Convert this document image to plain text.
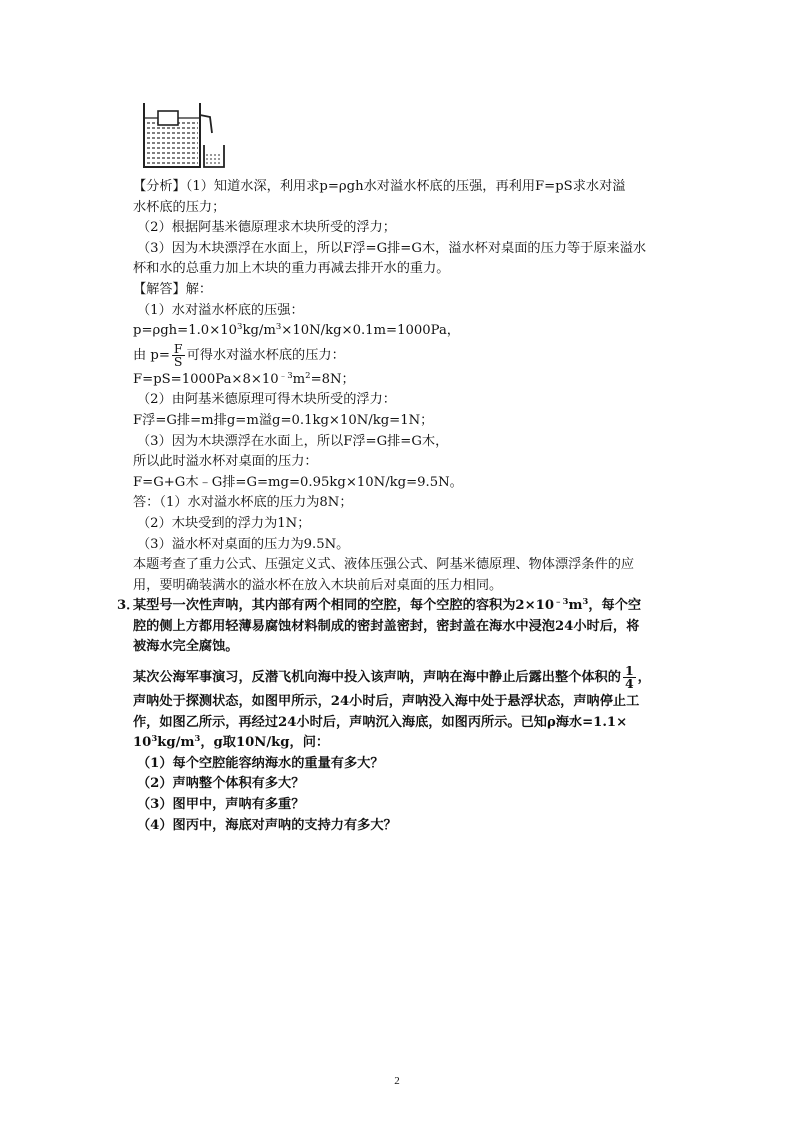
【分析】（1）知道水深，利用求p=ρgh水对溢水杯底的压强，再利用F=pS求水对溢
水杯底的压力；
（2）根据阿基米德原理求木块所受的浮力；
（3）因为木块漂浮在水面上，所以F浮=G排=G木，溢水杯对桌面的压力等于原来溢水
杯和水的总重力加上木块的重力再减去排开水的重力。
【解答】解：
（1）水对溢水杯底的压强：
$p=\rho gh=1.0\times 10^3kg/m^3\times 10N/kg\times 0.1m=1000Pa$，
由 $p= \frac{F}{S}$ 可得水对溢水杯底的压力：
$F=pS=1000Pa\times 8\times 10^{﹣3}m^2=8N$；
（2）由阿基米德原理可得木块所受的浮力：
F浮=G排=m排g=m溢g=0.1kg×10N/kg=1N；
（3）因为木块漂浮在水面上，所以F浮=G排=G木，
所以此时溢水杯对桌面的压力：
F=G+G木﹣G排=G=mg=0.95kg×10N/kg=9.5N。
答：（1）水对溢水杯底的压力为8N；
（2）木块受到的浮力为1N；
（3）溢水杯对桌面的压力为9.5N。
本题考查了重力公式、压强定义式、液体压强公式、阿基米德原理、物体漂浮条件的应
用，要明确装满水的溢水杯在放入木块前后对桌面的压力相同。
3．
某型号一次性声呐，其内部有两个相同的空腔，每个空腔的容积为$2\times 10^{﹣3}m^3$，每个空
腔的侧上方都用轻薄易腐蚀材料制成的密封盖密封，密封盖在海水中浸泡24小时后，将
被海水完全腐蚀。
某次公海军事演习，反潜飞机向海中投入该声呐，声呐在海中静止后露出整个体积的 $\frac{1}{4}$ ，
声呐处于探测状态，如图甲所示，24小时后，声呐没入海中处于悬浮状态，声呐停止工
作，如图乙所示，再经过24小时后，声呐沉入海底，如图丙所示。已知ρ海水=1.1×
$10^3kg/m^3$，g取10N/kg，问：
（1）每个空腔能容纳海水的重量有多大？
（2）声呐整个体积有多大？
（3）图甲中，声呐有多重？
（4）图丙中，海底对声呐的支持力有多大？
2
